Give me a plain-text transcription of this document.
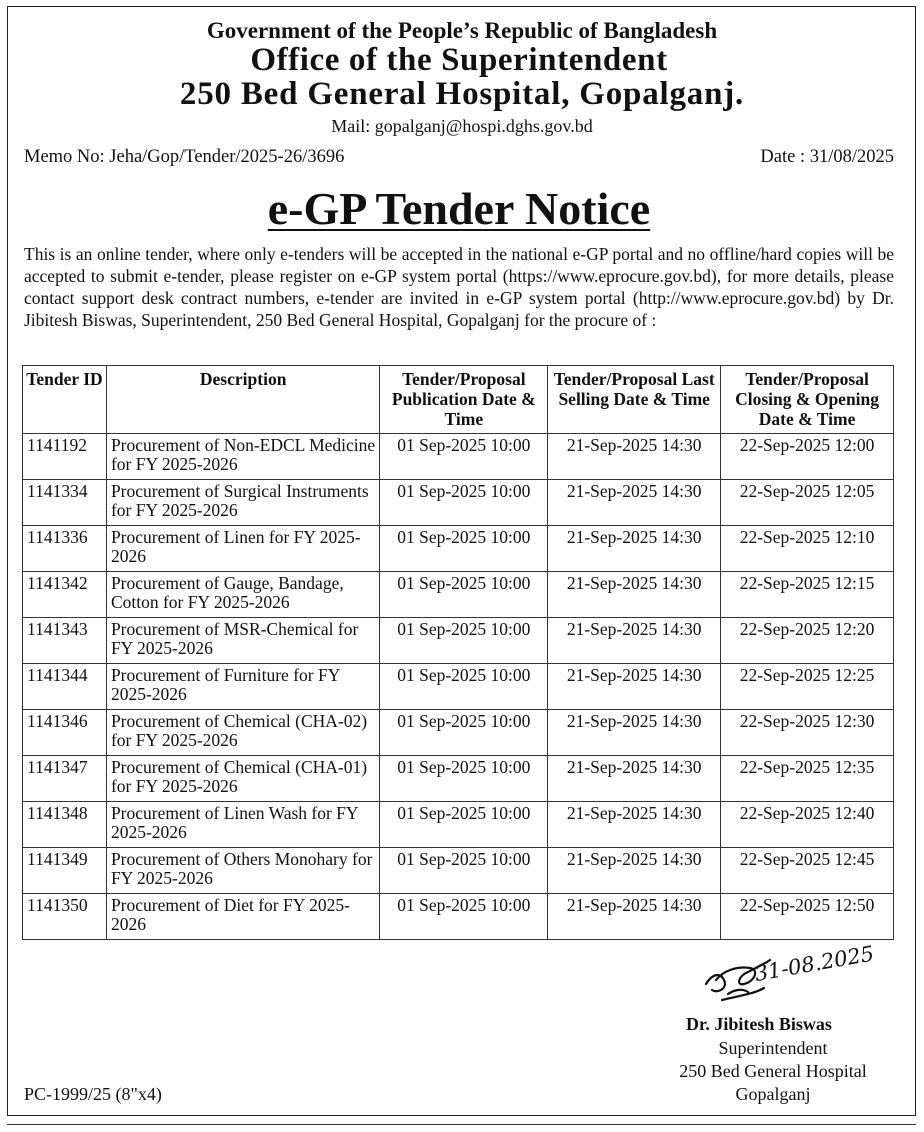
Government of the People’s Republic of Bangladesh
Office of the Superintendent
250 Bed General Hospital, Gopalganj.
Mail: gopalganj@hospi.dghs.gov.bd
Memo No: Jeha/Gop/Tender/2025-26/3696	Date : 31/08/2025
e-GP Tender Notice
This is an online tender, where only e-tenders will be accepted in the national e-GP portal and no offline/hard copies will be accepted to submit e-tender, please register on e-GP system portal (https://www.eprocure.gov.bd), for more details, please contact support desk contract numbers, e-tender are invited in e-GP system portal (http://www.eprocure.gov.bd) by Dr. Jibitesh Biswas, Superintendent, 250 Bed General Hospital, Gopalganj for the procure of :
Tender ID	Description	Tender/Proposal Publication Date & Time	Tender/Proposal Last Selling Date & Time	Tender/Proposal Closing & Opening Date & Time
1141192	Procurement of Non-EDCL Medicine for FY 2025-2026	01 Sep-2025 10:00	21-Sep-2025 14:30	22-Sep-2025 12:00
1141334	Procurement of Surgical Instruments for FY 2025-2026	01 Sep-2025 10:00	21-Sep-2025 14:30	22-Sep-2025 12:05
1141336	Procurement of Linen for FY 2025-2026	01 Sep-2025 10:00	21-Sep-2025 14:30	22-Sep-2025 12:10
1141342	Procurement of Gauge, Bandage, Cotton for FY 2025-2026	01 Sep-2025 10:00	21-Sep-2025 14:30	22-Sep-2025 12:15
1141343	Procurement of MSR-Chemical for FY 2025-2026	01 Sep-2025 10:00	21-Sep-2025 14:30	22-Sep-2025 12:20
1141344	Procurement of Furniture for FY 2025-2026	01 Sep-2025 10:00	21-Sep-2025 14:30	22-Sep-2025 12:25
1141346	Procurement of Chemical (CHA-02) for FY 2025-2026	01 Sep-2025 10:00	21-Sep-2025 14:30	22-Sep-2025 12:30
1141347	Procurement of Chemical (CHA-01) for FY 2025-2026	01 Sep-2025 10:00	21-Sep-2025 14:30	22-Sep-2025 12:35
1141348	Procurement of Linen Wash for FY 2025-2026	01 Sep-2025 10:00	21-Sep-2025 14:30	22-Sep-2025 12:40
1141349	Procurement of Others Monohary for FY 2025-2026	01 Sep-2025 10:00	21-Sep-2025 14:30	22-Sep-2025 12:45
1141350	Procurement of Diet for FY 2025-2026	01 Sep-2025 10:00	21-Sep-2025 14:30	22-Sep-2025 12:50
31-08.2025
Dr. Jibitesh Biswas
Superintendent
250 Bed General Hospital
Gopalganj
PC-1999/25 (8"x4)
